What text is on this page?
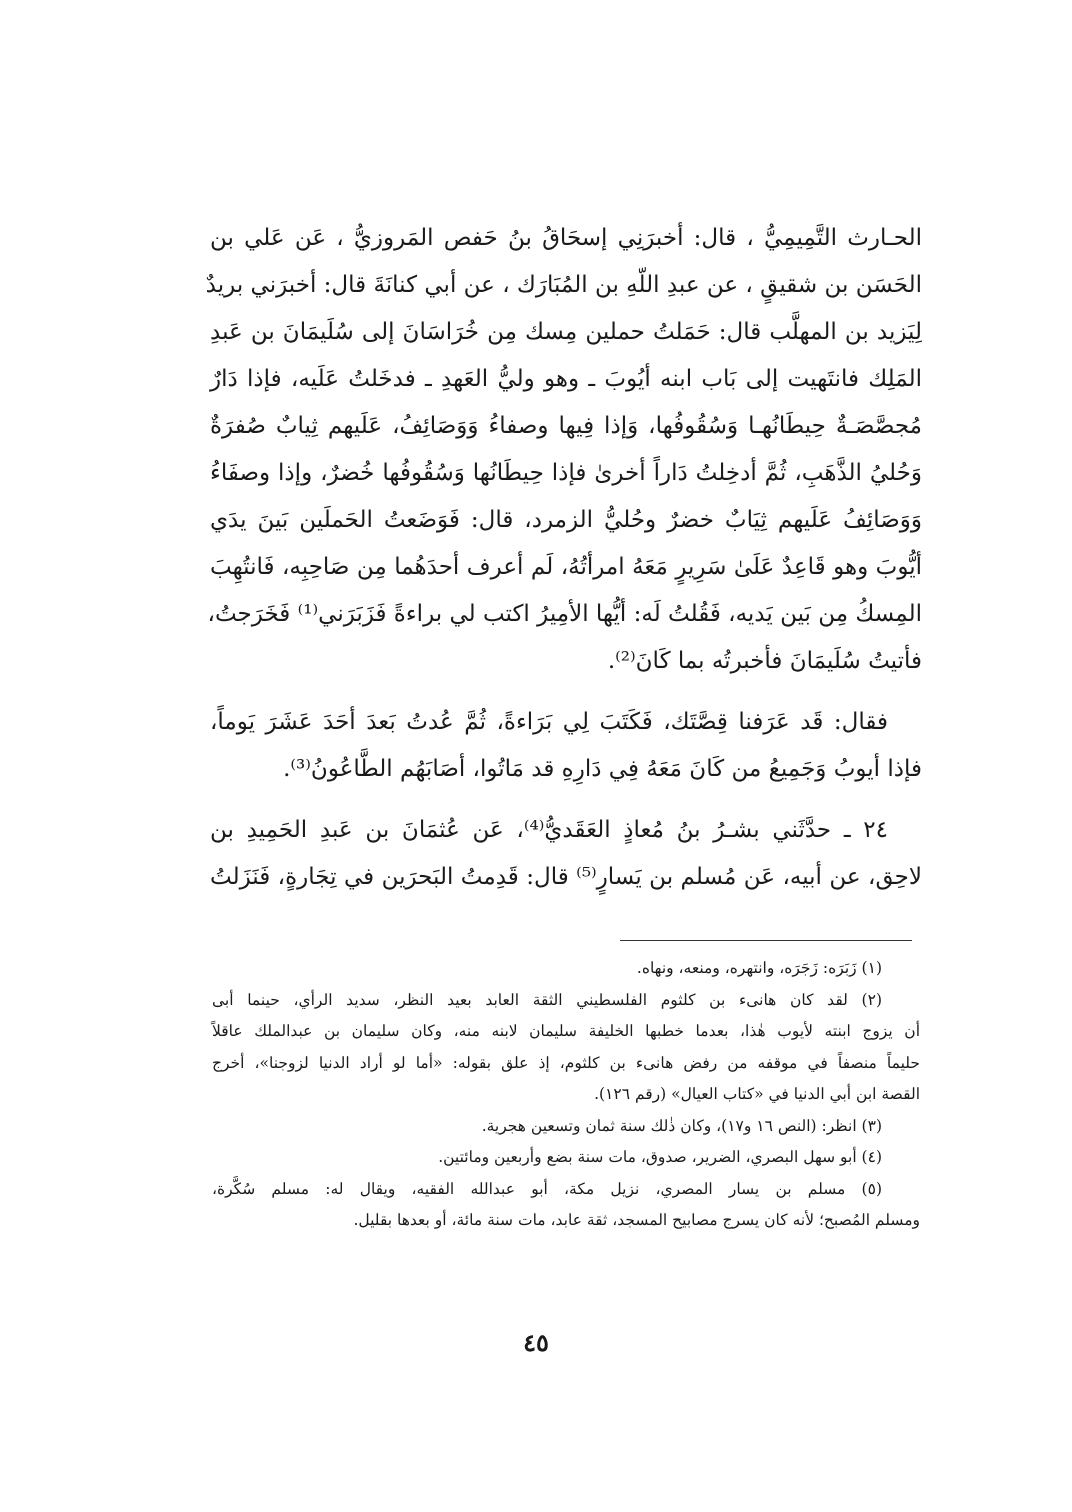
الحـارث التَّمِيمِيُّ ، قال: أخبرَنِي إسحَاقُ بنُ حَفص المَروزيُّ ، عَن عَلي بن
الحَسَن بن شقيقٍ ، عن عبدِ اللّهِ بن المُبَارَك ، عن أبي كنانَةَ قال: أخبرَني بريدٌ
لِيَزيد بن المهلَّب قال: حَمَلتُ حملين مِسك مِن خُرَاسَانَ إلى سُلَيمَانَ بن عَبدِ
المَلِك فانتَهيت إلى بَاب ابنه أيُوبَ ـ وهو وليُّ العَهدِ ـ فدخَلتُ عَلَيه، فإذا دَارٌ
مُجصَّصَـةٌ حِيطَانُهـا وَسُقُوفُها، وَإذا فِيها وصفاءُ وَوَصَائِفُ، عَلَيهم ثِيابٌ صُفرَةٌ
وَحُليُ الذَّهَبِ، ثُمَّ أدخِلتُ دَاراً أخرىٰ فإذا حِيطَانُها وَسُقُوفُها خُضرٌ، وإذا وصفَاءُ
وَوَصَائِفُ عَلَيهم ثِيَابٌ خضرٌ وحُليُّ الزمرد، قال: فَوَضَعتُ الحَملَين بَينَ يدَي
أيُّوبَ وهو قَاعِدٌ عَلَىٰ سَرِيرٍ مَعَهُ امرأتُهُ، لَم أعرف أحدَهُما مِن صَاحِبِه، فَانتُهِبَ
المِسكُ مِن بَين يَديه، فَقُلتُ لَه: أيُّها الأمِيرُ اكتب لي براءةً فَزَبَرَني⁽¹⁾ فَخَرَجتُ،
فأتيتُ سُلَيمَانَ فأخبرتُه بما كَانَ⁽²⁾.

فقال: قَد عَرَفنا قِصَّتَك، فَكَتَبَ لِي بَرَاءةً، ثُمَّ عُدتُ بَعدَ أحَدَ عَشَرَ يَوماً،
فإذا أيوبُ وَجَمِيعُ من كَانَ مَعَهُ فِي دَارِهِ قد مَاتُوا، أصَابَهُم الطَّاعُونُ⁽³⁾.

٢٤ ـ حدَّثَني بشـرُ بنُ مُعاذٍ العَقَديُّ⁽⁴⁾، عَن عُثمَانَ بن عَبدِ الحَمِيدِ بن
لاحِق، عن أبيه، عَن مُسلم بن يَسارٍ⁽⁵⁾ قال: قَدِمتُ البَحرَين في تِجَارةٍ، فَنَزَلتُ

(١) زَبَرَه: زَجَرَه، وانتهره، ومنعه، ونهاه.

(٢) لقد كان هانىء بن كلثوم الفلسطيني الثقة العابد بعيد النظر، سديد الرأي، حينما أبى
أن يزوج ابنته لأيوب هٰذا، بعدما خطبها الخليفة سليمان لابنه منه، وكان سليمان بن عبدالملك عاقلاً
حليماً منصفاً في موقفه من رفض هانىء بن كلثوم، إذ علق بقوله: «أما لو أراد الدنيا لزوجنا»، أخرج
القصة ابن أبي الدنيا في «كتاب العيال» (رقم ١٢٦).

(٣) انظر: (النص ١٦ و١٧)، وكان ذٰلك سنة ثمان وتسعين هجرية.

(٤) أبو سهل البصري، الضرير، صدوق، مات سنة بضع وأربعين ومائتين.

(٥) مسلم بن يسار المصري، نزيل مكة، أبو عبدالله الفقيه، ويقال له: مسلم سُكَّرة،
ومسلم المُصبح؛ لأنه كان يسرج مصابيح المسجد، ثقة عابد، مات سنة مائة، أو بعدها بقليل.

٤٥
